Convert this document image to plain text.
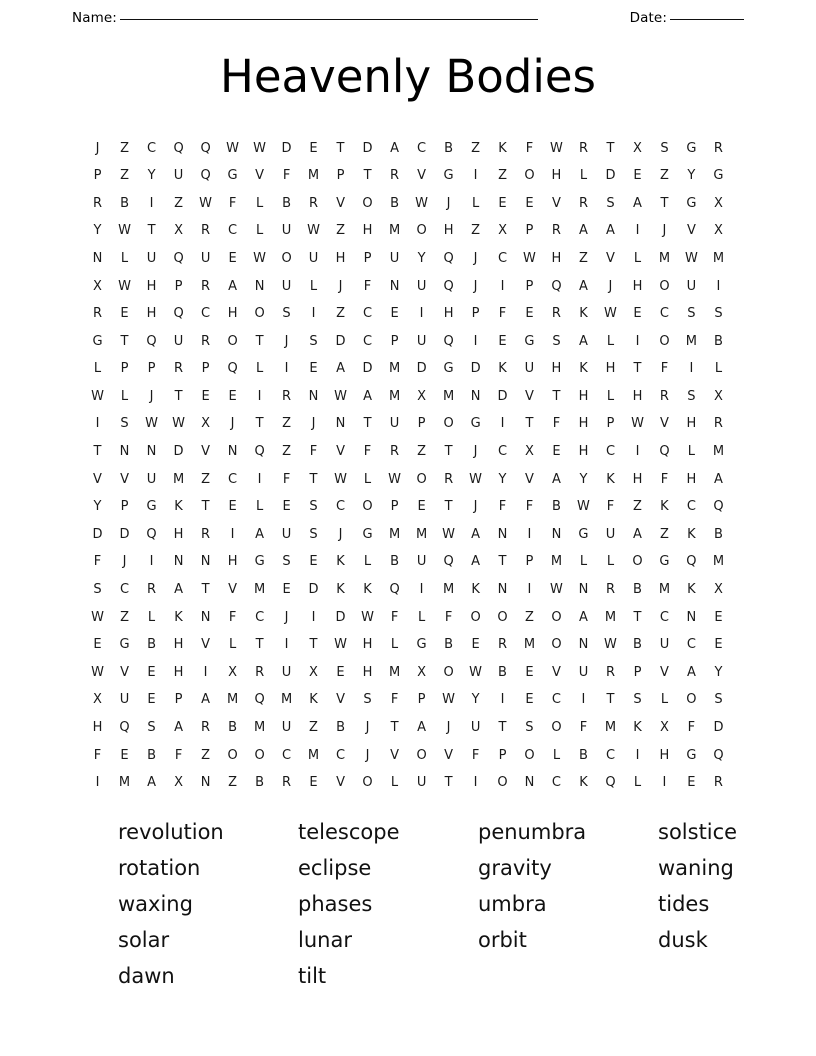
Name:	Date:
Heavenly Bodies
J	Z	C	Q	Q	W	W	D	E	T	D	A	C	B	Z	K	F	W	R	T	X	S	G	R
P	Z	Y	U	Q	G	V	F	M	P	T	R	V	G	I	Z	O	H	L	D	E	Z	Y	G
R	B	I	Z	W	F	L	B	R	V	O	B	W	J	L	E	E	V	R	S	A	T	G	X
Y	W	T	X	R	C	L	U	W	Z	H	M	O	H	Z	X	P	R	A	A	I	J	V	X
N	L	U	Q	U	E	W	O	U	H	P	U	Y	Q	J	C	W	H	Z	V	L	M	W	M
X	W	H	P	R	A	N	U	L	J	F	N	U	Q	J	I	P	Q	A	J	H	O	U	I
R	E	H	Q	C	H	O	S	I	Z	C	E	I	H	P	F	E	R	K	W	E	C	S	S
G	T	Q	U	R	O	T	J	S	D	C	P	U	Q	I	E	G	S	A	L	I	O	M	B
L	P	P	R	P	Q	L	I	E	A	D	M	D	G	D	K	U	H	K	H	T	F	I	L
W	L	J	T	E	E	I	R	N	W	A	M	X	M	N	D	V	T	H	L	H	R	S	X
I	S	W	W	X	J	T	Z	J	N	T	U	P	O	G	I	T	F	H	P	W	V	H	R
T	N	N	D	V	N	Q	Z	F	V	F	R	Z	T	J	C	X	E	H	C	I	Q	L	M
V	V	U	M	Z	C	I	F	T	W	L	W	O	R	W	Y	V	A	Y	K	H	F	H	A
Y	P	G	K	T	E	L	E	S	C	O	P	E	T	J	F	F	B	W	F	Z	K	C	Q
D	D	Q	H	R	I	A	U	S	J	G	M	M	W	A	N	I	N	G	U	A	Z	K	B
F	J	I	N	N	H	G	S	E	K	L	B	U	Q	A	T	P	M	L	L	O	G	Q	M
S	C	R	A	T	V	M	E	D	K	K	Q	I	M	K	N	I	W	N	R	B	M	K	X
W	Z	L	K	N	F	C	J	I	D	W	F	L	F	O	O	Z	O	A	M	T	C	N	E
E	G	B	H	V	L	T	I	T	W	H	L	G	B	E	R	M	O	N	W	B	U	C	E
W	V	E	H	I	X	R	U	X	E	H	M	X	O	W	B	E	V	U	R	P	V	A	Y
X	U	E	P	A	M	Q	M	K	V	S	F	P	W	Y	I	E	C	I	T	S	L	O	S
H	Q	S	A	R	B	M	U	Z	B	J	T	A	J	U	T	S	O	F	M	K	X	F	D
F	E	B	F	Z	O	O	C	M	C	J	V	O	V	F	P	O	L	B	C	I	H	G	Q
I	M	A	X	N	Z	B	R	E	V	O	L	U	T	I	O	N	C	K	Q	L	I	E	R
revolution	telescope	penumbra	solstice
rotation	eclipse	gravity	waning
waxing	phases	umbra	tides
solar	lunar	orbit	dusk
dawn	tilt
